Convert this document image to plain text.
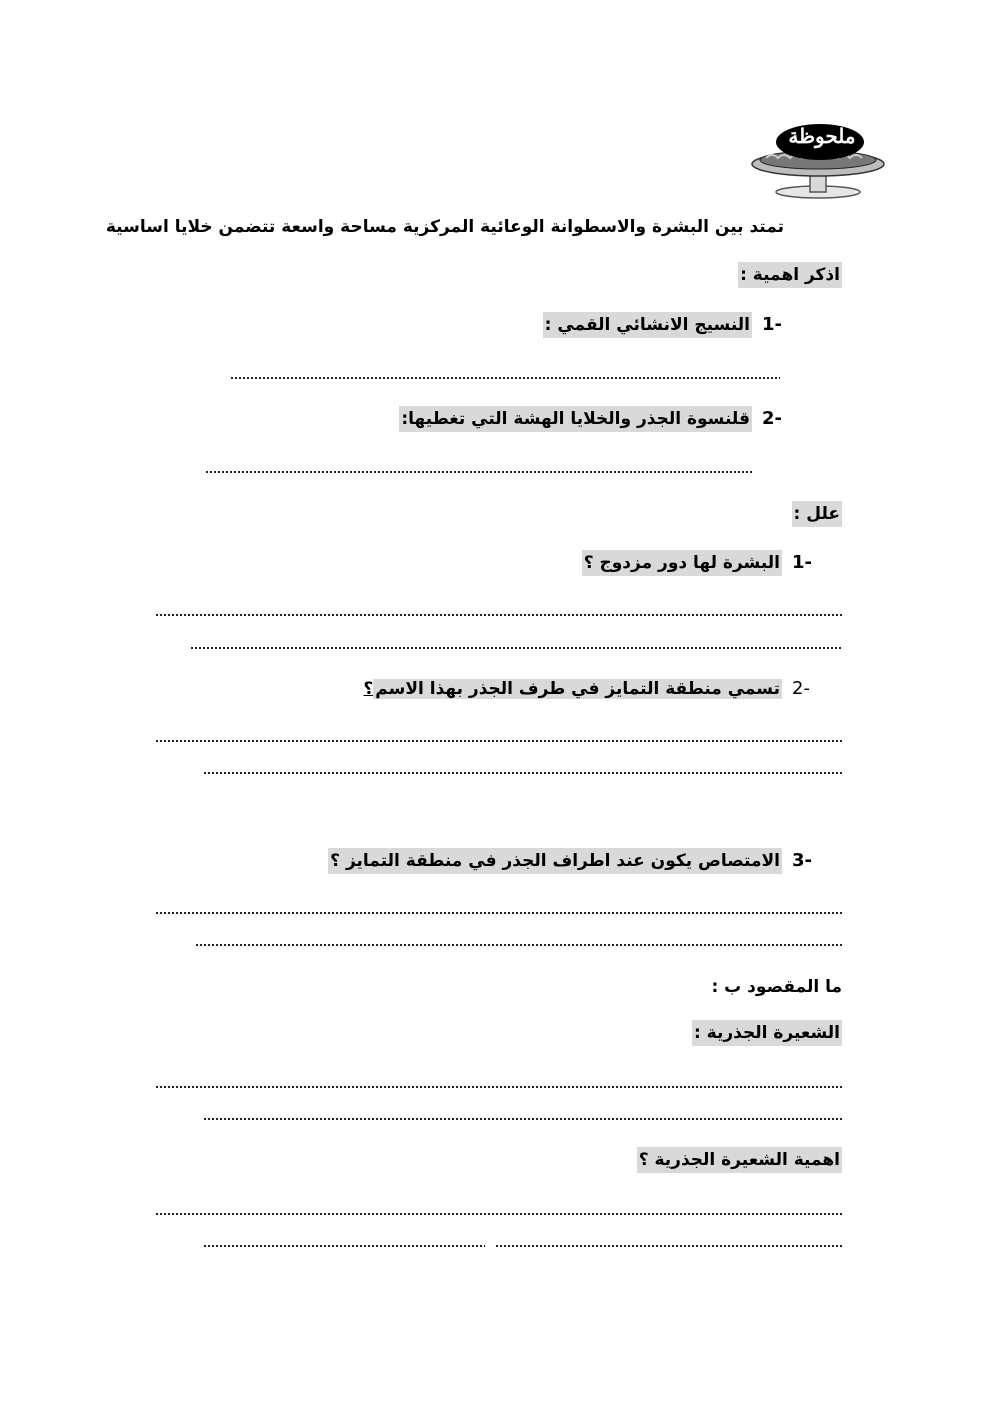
ملحوظة
تمتد بين البشرة والاسطوانة الوعائية المركزية مساحة واسعة تتضمن خلايا اساسية
اذكر اهمية :
1-
النسيج الانشائي القمي :
2-
قلنسوة الجذر والخلايا الهشة التي تغطيها:
علل :
1-
البشرة لها دور مزدوج ؟
2-
تسمي منطقة التمايز في طرف الجذر بهذا الاسم؟
3-
الامتصاص يكون عند اطراف الجذر في منطقة التمايز ؟
ما المقصود ب :
الشعيرة الجذرية :
اهمية الشعيرة الجذرية ؟
